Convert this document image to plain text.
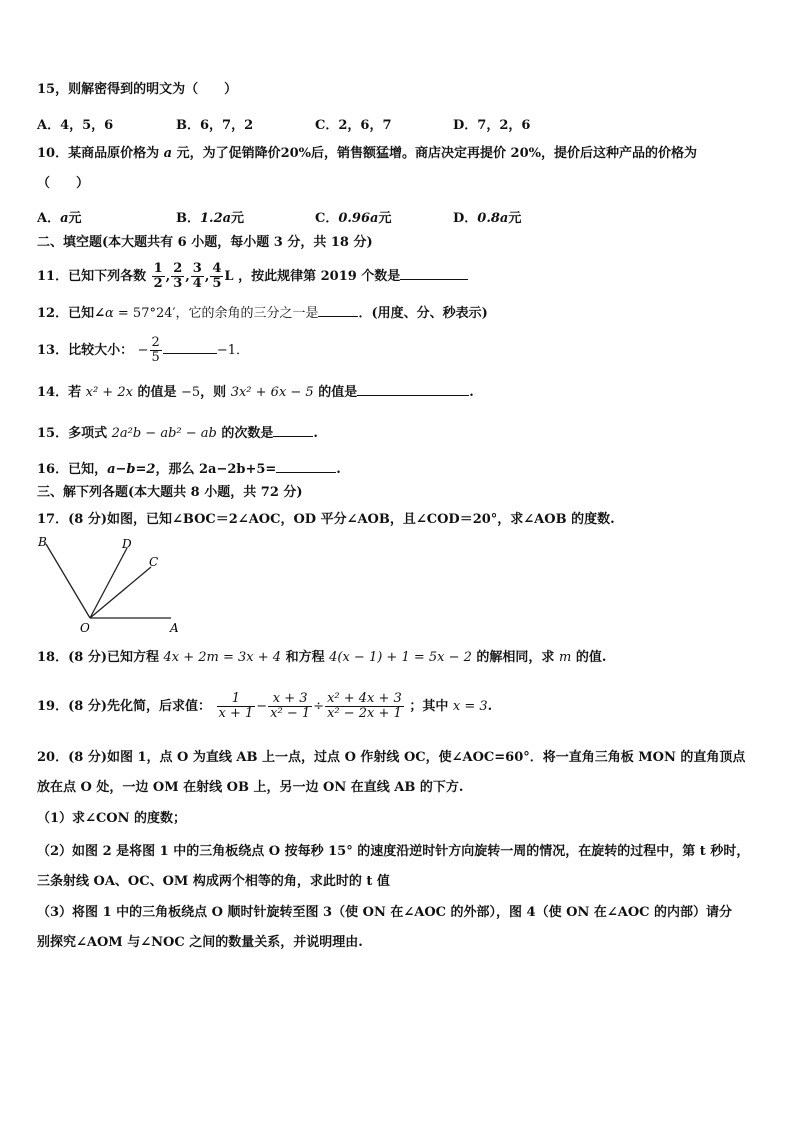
15，则解密得到的明文为（　　）
A．4，5，6	B．6，7，2	C．2，6，7	D．7，2，6
10．某商品原价格为 a 元，为了促销降价20%后，销售额猛增。商店决定再提价 20%，提价后这种产品的价格为
（　　）
A．a元	B．1.2a元	C．0.96a元	D．0.8a元
二、填空题(本大题共有 6 小题，每小题 3 分，共 18 分)
11．已知下列各数 $\frac{1}{2}$ , $\frac{2}{3}$ , $\frac{3}{4}$ , $\frac{4}{5}$ L ，按此规律第 2019 个数是
12．已知∠α = 57°24′，它的余角的三分之一是	．(用度、分、秒表示)
13．比较大小： − $\frac{2}{5}$	−1．
14．若 x² + 2x 的值是 −5，则 3x² + 6x − 5 的值是	.
15．多项式 2a²b − ab² − ab 的次数是	.
16．已知，a−b=2，那么 2a−2b+5=	.
三、解下列各题(本大题共 8 小题，共 72 分)
17．(8 分)如图，已知∠BOC＝2∠AOC，OD 平分∠AOB，且∠COD＝20°，求∠AOB 的度数.
B	D
C
O	A
18．(8 分)已知方程 4x + 2m = 3x + 4 和方程 4(x − 1) + 1 = 5x − 2 的解相同，求 m 的值.
19．(8 分)先化简，后求值： $\frac{1}{x + 1} - \frac{x + 3}{\text{x² − 1}} \div \frac{\text{x² + 4x + 3}}{\text{x² − 2x + 1}}$ ；其中 x = 3.
20．(8 分)如图 1，点 O 为直线 AB 上一点，过点 O 作射线 OC，使∠AOC=60°．将一直角三角板 MON 的直角顶点
放在点 O 处，一边 OM 在射线 OB 上，另一边 ON 在直线 AB 的下方.
（1）求∠CON 的度数；
（2）如图 2 是将图 1 中的三角板绕点 O 按每秒 15° 的速度沿逆时针方向旋转一周的情况，在旋转的过程中，第 t 秒时，
三条射线 OA、OC、OM 构成两个相等的角，求此时的 t 值
（3）将图 1 中的三角板绕点 O 顺时针旋转至图 3（使 ON 在∠AOC 的外部），图 4（使 ON 在∠AOC 的内部）请分
别探究∠AOM 与∠NOC 之间的数量关系，并说明理由.
